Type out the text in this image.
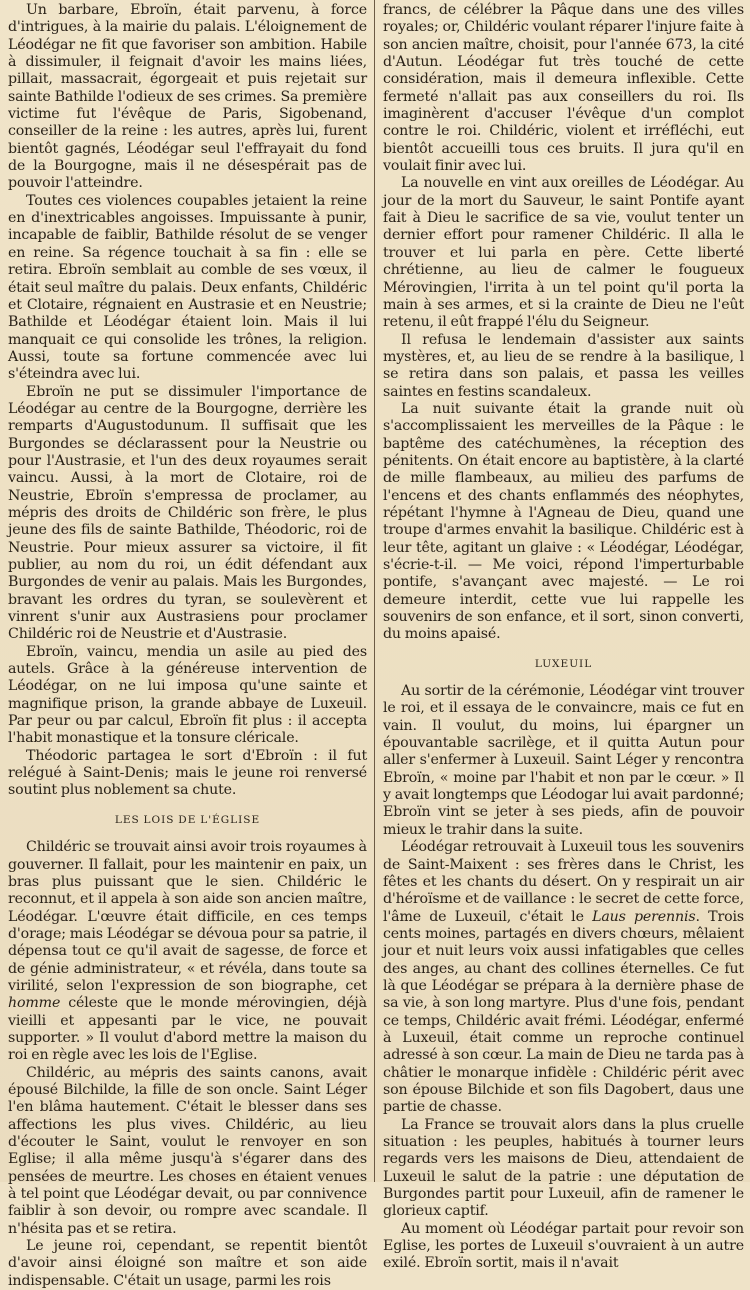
Un barbare, Ebroïn, était parvenu, à force d'intrigues, à la mairie du palais. L'éloignement de Léodégar ne fit que favoriser son ambition. Habile à dissimuler, il feignait d'avoir les mains liées, pillait, massacrait, égorgeait et puis rejetait sur sainte Bathilde l'odieux de ses crimes. Sa première victime fut l'évêque de Paris, Sigobenand, conseiller de la reine : les autres, après lui, furent bientôt gagnés, Léodégar seul l'effrayait du fond de la Bourgogne, mais il ne désespérait pas de pouvoir l'atteindre.

Toutes ces violences coupables jetaient la reine en d'inextricables angoisses. Impuissante à punir, incapable de faiblir, Bathilde résolut de se venger en reine. Sa régence touchait à sa fin : elle se retira. Ebroïn semblait au comble de ses vœux, il était seul maître du palais. Deux enfants, Childéric et Clotaire, régnaient en Austrasie et en Neustrie; Bathilde et Léodégar étaient loin. Mais il lui manquait ce qui consolide les trônes, la religion. Aussi, toute sa fortune commencée avec lui s'éteindra avec lui.

Ebroïn ne put se dissimuler l'importance de Léodégar au centre de la Bourgogne, derrière les remparts d'Augustodunum. Il suffisait que les Burgondes se déclarassent pour la Neustrie ou pour l'Austrasie, et l'un des deux royaumes serait vaincu. Aussi, à la mort de Clotaire, roi de Neustrie, Ebroïn s'empressa de proclamer, au mépris des droits de Childéric son frère, le plus jeune des fils de sainte Bathilde, Théodoric, roi de Neustrie. Pour mieux assurer sa victoire, il fit publier, au nom du roi, un édit défendant aux Burgondes de venir au palais. Mais les Burgondes, bravant les ordres du tyran, se soulevèrent et vinrent s'unir aux Austrasiens pour proclamer Childéric roi de Neustrie et d'Austrasie.

Ebroïn, vaincu, mendia un asile au pied des autels. Grâce à la généreuse intervention de Léodégar, on ne lui imposa qu'une sainte et magnifique prison, la grande abbaye de Luxeuil. Par peur ou par calcul, Ebroïn fit plus : il accepta l'habit monastique et la tonsure cléricale.

Théodoric partagea le sort d'Ebroïn : il fut relégué à Saint-Denis; mais le jeune roi renversé soutint plus noblement sa chute.

LES LOIS DE L'ÉGLISE

Childéric se trouvait ainsi avoir trois royaumes à gouverner. Il fallait, pour les maintenir en paix, un bras plus puissant que le sien. Childéric le reconnut, et il appela à son aide son ancien maître, Léodégar. L'œuvre était difficile, en ces temps d'orage; mais Léodégar se dévoua pour sa patrie, il dépensa tout ce qu'il avait de sagesse, de force et de génie administrateur, « et révéla, dans toute sa virilité, selon l'expression de son biographe, cet homme céleste que le monde mérovingien, déjà vieilli et appesanti par le vice, ne pouvait supporter. » Il voulut d'abord mettre la maison du roi en règle avec les lois de l'Eglise.

Childéric, au mépris des saints canons, avait épousé Bilchilde, la fille de son oncle. Saint Léger l'en blâma hautement. C'était le blesser dans ses affections les plus vives. Childéric, au lieu d'écouter le Saint, voulut le renvoyer en son Eglise; il alla même jusqu'à s'égarer dans des pensées de meurtre. Les choses en étaient venues à tel point que Léodégar devait, ou par connivence faiblir à son devoir, ou rompre avec scandale. Il n'hésita pas et se retira.

Le jeune roi, cependant, se repentit bientôt d'avoir ainsi éloigné son maître et son aide indispensable. C'était un usage, parmi les rois

francs, de célébrer la Pâque dans une des villes royales; or, Childéric voulant réparer l'injure faite à son ancien maître, choisit, pour l'année 673, la cité d'Autun. Léodégar fut très touché de cette considération, mais il demeura inflexible. Cette fermeté n'allait pas aux conseillers du roi. Ils imaginèrent d'accuser l'évêque d'un complot contre le roi. Childéric, violent et irréfléchi, eut bientôt accueilli tous ces bruits. Il jura qu'il en voulait finir avec lui.

La nouvelle en vint aux oreilles de Léodégar. Au jour de la mort du Sauveur, le saint Pontife ayant fait à Dieu le sacrifice de sa vie, voulut tenter un dernier effort pour ramener Childéric. Il alla le trouver et lui parla en père. Cette liberté chrétienne, au lieu de calmer le fougueux Mérovingien, l'irrita à un tel point qu'il porta la main à ses armes, et si la crainte de Dieu ne l'eût retenu, il eût frappé l'élu du Seigneur.

Il refusa le lendemain d'assister aux saints mystères, et, au lieu de se rendre à la basilique, l se retira dans son palais, et passa les veilles saintes en festins scandaleux.

La nuit suivante était la grande nuit où s'accomplissaient les merveilles de la Pâque : le baptême des catéchumènes, la réception des pénitents. On était encore au baptistère, à la clarté de mille flambeaux, au milieu des parfums de l'encens et des chants enflammés des néophytes, répétant l'hymne à l'Agneau de Dieu, quand une troupe d'armes envahit la basilique. Childéric est à leur tête, agitant un glaive : « Léodégar, Léodégar, s'écrie-t-il. — Me voici, répond l'imperturbable pontife, s'avançant avec majesté. — Le roi demeure interdit, cette vue lui rappelle les souvenirs de son enfance, et il sort, sinon converti, du moins apaisé.

LUXEUIL

Au sortir de la cérémonie, Léodégar vint trouver le roi, et il essaya de le convaincre, mais ce fut en vain. Il voulut, du moins, lui épargner un épouvantable sacrilège, et il quitta Autun pour aller s'enfermer à Luxeuil. Saint Léger y rencontra Ebroïn, « moine par l'habit et non par le cœur. » Il y avait longtemps que Léodogar lui avait pardonné; Ebroïn vint se jeter à ses pieds, afin de pouvoir mieux le trahir dans la suite.

Léodégar retrouvait à Luxeuil tous les souvenirs de Saint-Maixent : ses frères dans le Christ, les fêtes et les chants du désert. On y respirait un air d'héroïsme et de vaillance : le secret de cette force, l'âme de Luxeuil, c'était le Laus perennis. Trois cents moines, partagés en divers chœurs, mêlaient jour et nuit leurs voix aussi infatigables que celles des anges, au chant des collines éternelles. Ce fut là que Léodégar se prépara à la dernière phase de sa vie, à son long martyre. Plus d'une fois, pendant ce temps, Childéric avait frémi. Léodégar, enfermé à Luxeuil, était comme un reproche continuel adressé à son cœur. La main de Dieu ne tarda pas à châtier le monarque infidèle : Childéric périt avec son épouse Bilchide et son fils Dagobert, daus une partie de chasse.

La France se trouvait alors dans la plus cruelle situation : les peuples, habitués à tourner leurs regards vers les maisons de Dieu, attendaient de Luxeuil le salut de la patrie : une députation de Burgondes partit pour Luxeuil, afin de ramener le glorieux captif.

Au moment où Léodégar partait pour revoir son Eglise, les portes de Luxeuil s'ouvraient à un autre exilé. Ebroïn sortit, mais il n'avait
